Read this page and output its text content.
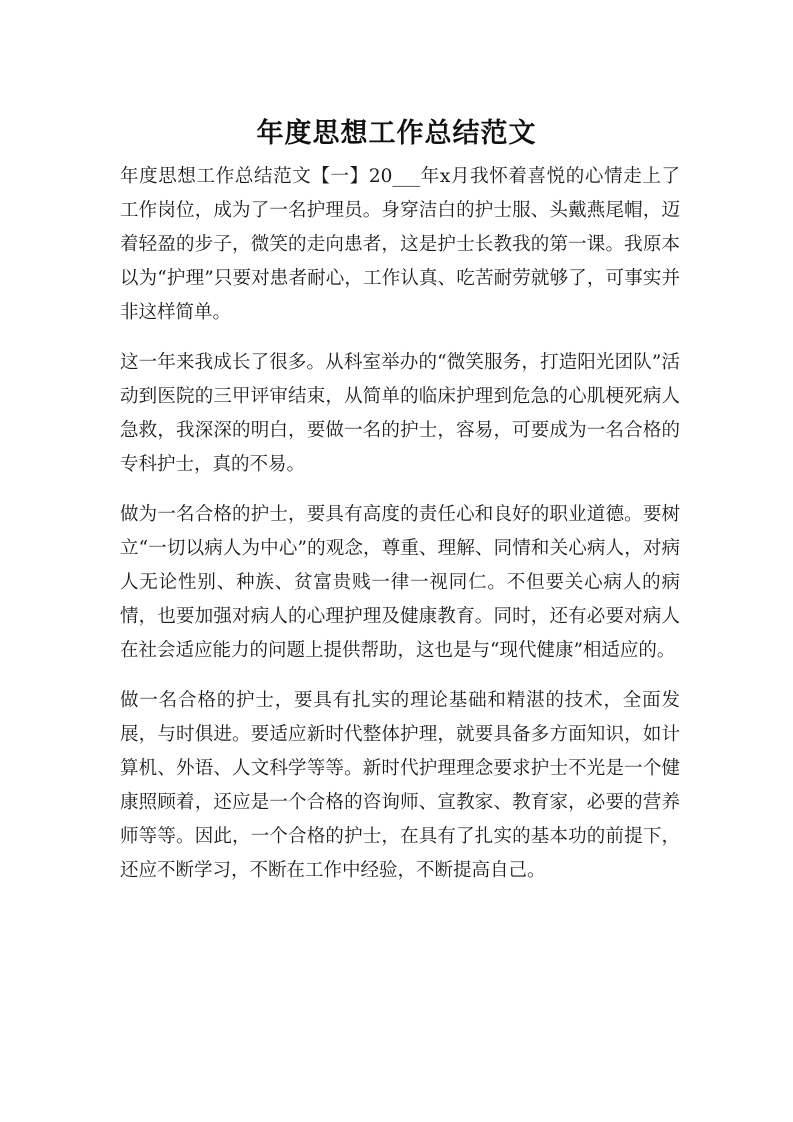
年度思想工作总结范文

年度思想工作总结范文【一】20___年x月我怀着喜悦的心情走上了工作岗位，成为了一名护理员。身穿洁白的护士服、头戴燕尾帽，迈着轻盈的步子，微笑的走向患者，这是护士长教我的第一课。我原本以为“护理”只要对患者耐心，工作认真、吃苦耐劳就够了，可事实并非这样简单。

这一年来我成长了很多。从科室举办的“微笑服务，打造阳光团队”活动到医院的三甲评审结束，从简单的临床护理到危急的心肌梗死病人急救，我深深的明白，要做一名的护士，容易，可要成为一名合格的专科护士，真的不易。

做为一名合格的护士，要具有高度的责任心和良好的职业道德。要树立“一切以病人为中心”的观念，尊重、理解、同情和关心病人，对病人无论性别、种族、贫富贵贱一律一视同仁。不但要关心病人的病情，也要加强对病人的心理护理及健康教育。同时，还有必要对病人在社会适应能力的问题上提供帮助，这也是与“现代健康”相适应的。

做一名合格的护士，要具有扎实的理论基础和精湛的技术，全面发展，与时俱进。要适应新时代整体护理，就要具备多方面知识，如计算机、外语、人文科学等等。新时代护理理念要求护士不光是一个健康照顾着，还应是一个合格的咨询师、宣教家、教育家，必要的营养师等等。因此，一个合格的护士，在具有了扎实的基本功的前提下，还应不断学习，不断在工作中经验，不断提高自己。
